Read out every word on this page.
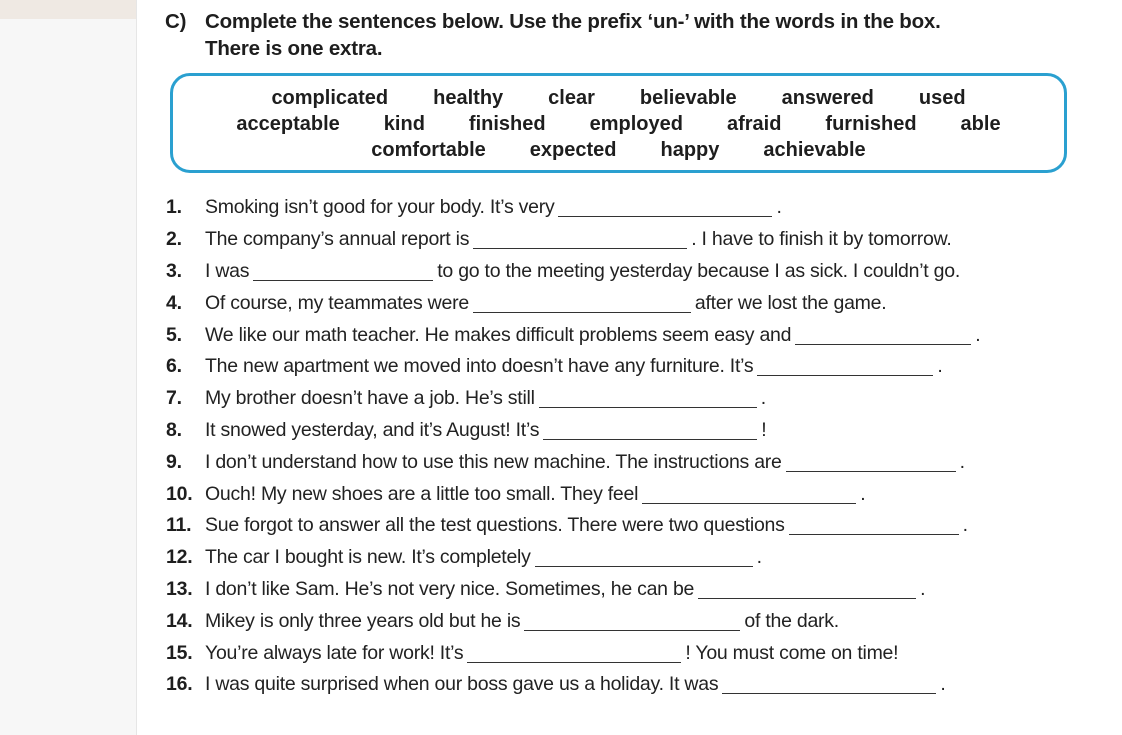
C) Complete the sentences below. Use the prefix ‘un-’ with the words in the box.
There is one extra.
complicated healthy clear believable answered used
acceptable kind finished employed afraid furnished able
comfortable expected happy achievable
1.	Smoking isn’t good for your body. It’s very	.
2.	The company’s annual report is	. I have to finish it by tomorrow.
3.	I was	to go to the meeting yesterday because I as sick. I couldn’t go.
4.	Of course, my teammates were	after we lost the game.
5.	We like our math teacher. He makes difficult problems seem easy and	.
6.	The new apartment we moved into doesn’t have any furniture. It’s	.
7.	My brother doesn’t have a job. He’s still	.
8.	It snowed yesterday, and it’s August! It’s	!
9.	I don’t understand how to use this new machine. The instructions are	.
10. Ouch! My new shoes are a little too small. They feel	.
11. Sue forgot to answer all the test questions. There were two questions	.
12. The car I bought is new. It’s completely	.
13. I don’t like Sam. He’s not very nice. Sometimes, he can be	.
14. Mikey is only three years old but he is	of the dark.
15. You’re always late for work! It’s	! You must come on time!
16. I was quite surprised when our boss gave us a holiday. It was	.
